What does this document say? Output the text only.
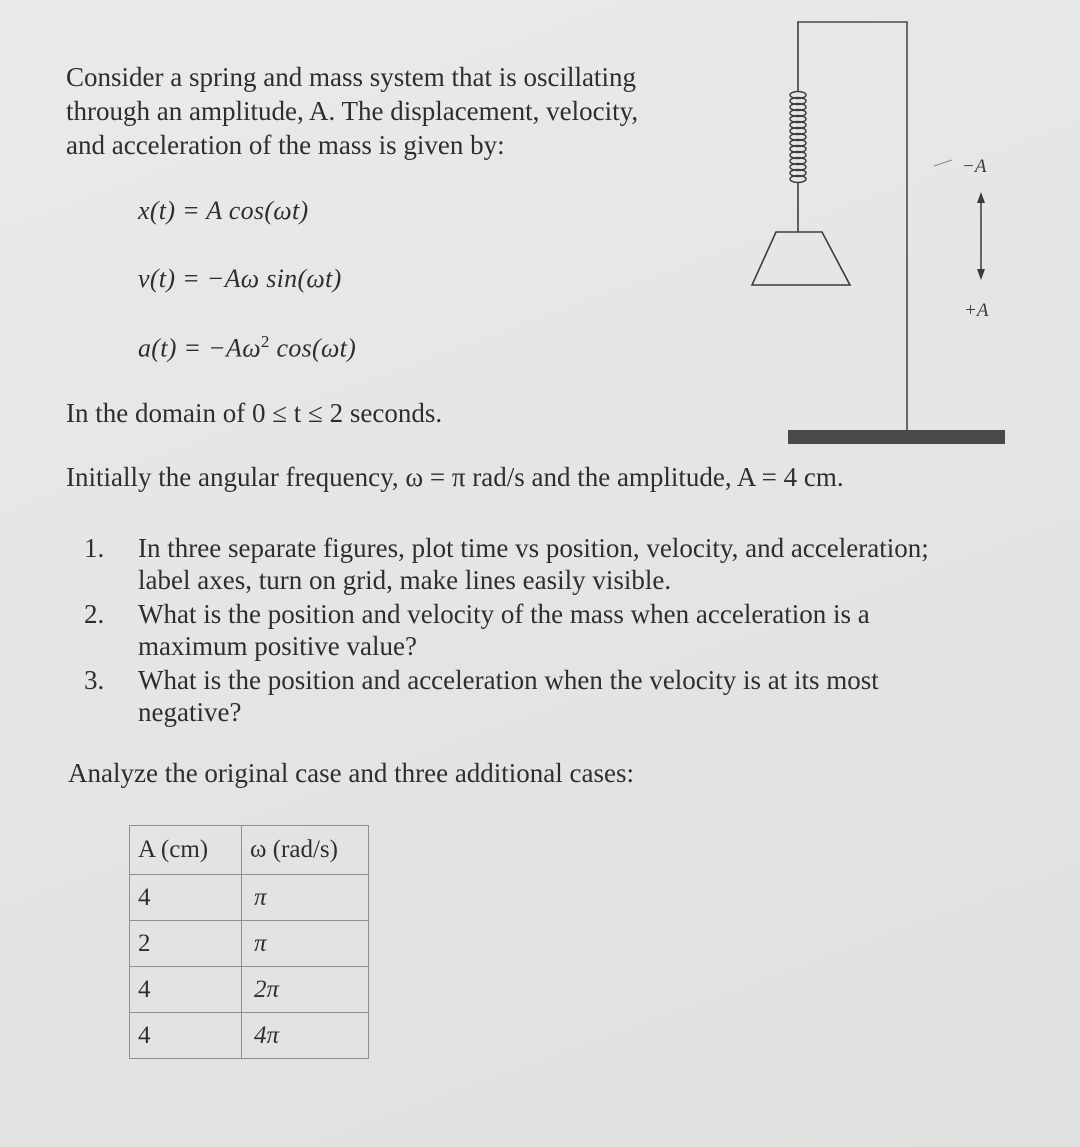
Consider a spring and mass system that is oscillating
through an amplitude, A. The displacement, velocity,
and acceleration of the mass is given by:
x(t) = A cos(ωt)
v(t) = −Aω sin(ωt)
$a(t) = -A\omega^2$ cos(ωt)
In the domain of 0 ≤ t ≤ 2 seconds.
Initially the angular frequency, ω = π rad/s and the amplitude, A = 4 cm.
1. In three separate figures, plot time vs position, velocity, and acceleration;
label axes, turn on grid, make lines easily visible.
2. What is the position and velocity of the mass when acceleration is a
maximum positive value?
3. What is the position and acceleration when the velocity is at its most
negative?
Analyze the original case and three additional cases:
A (cm)	ω (rad/s)
4	π
2	π
4	2π
4	4π
−A
+A
